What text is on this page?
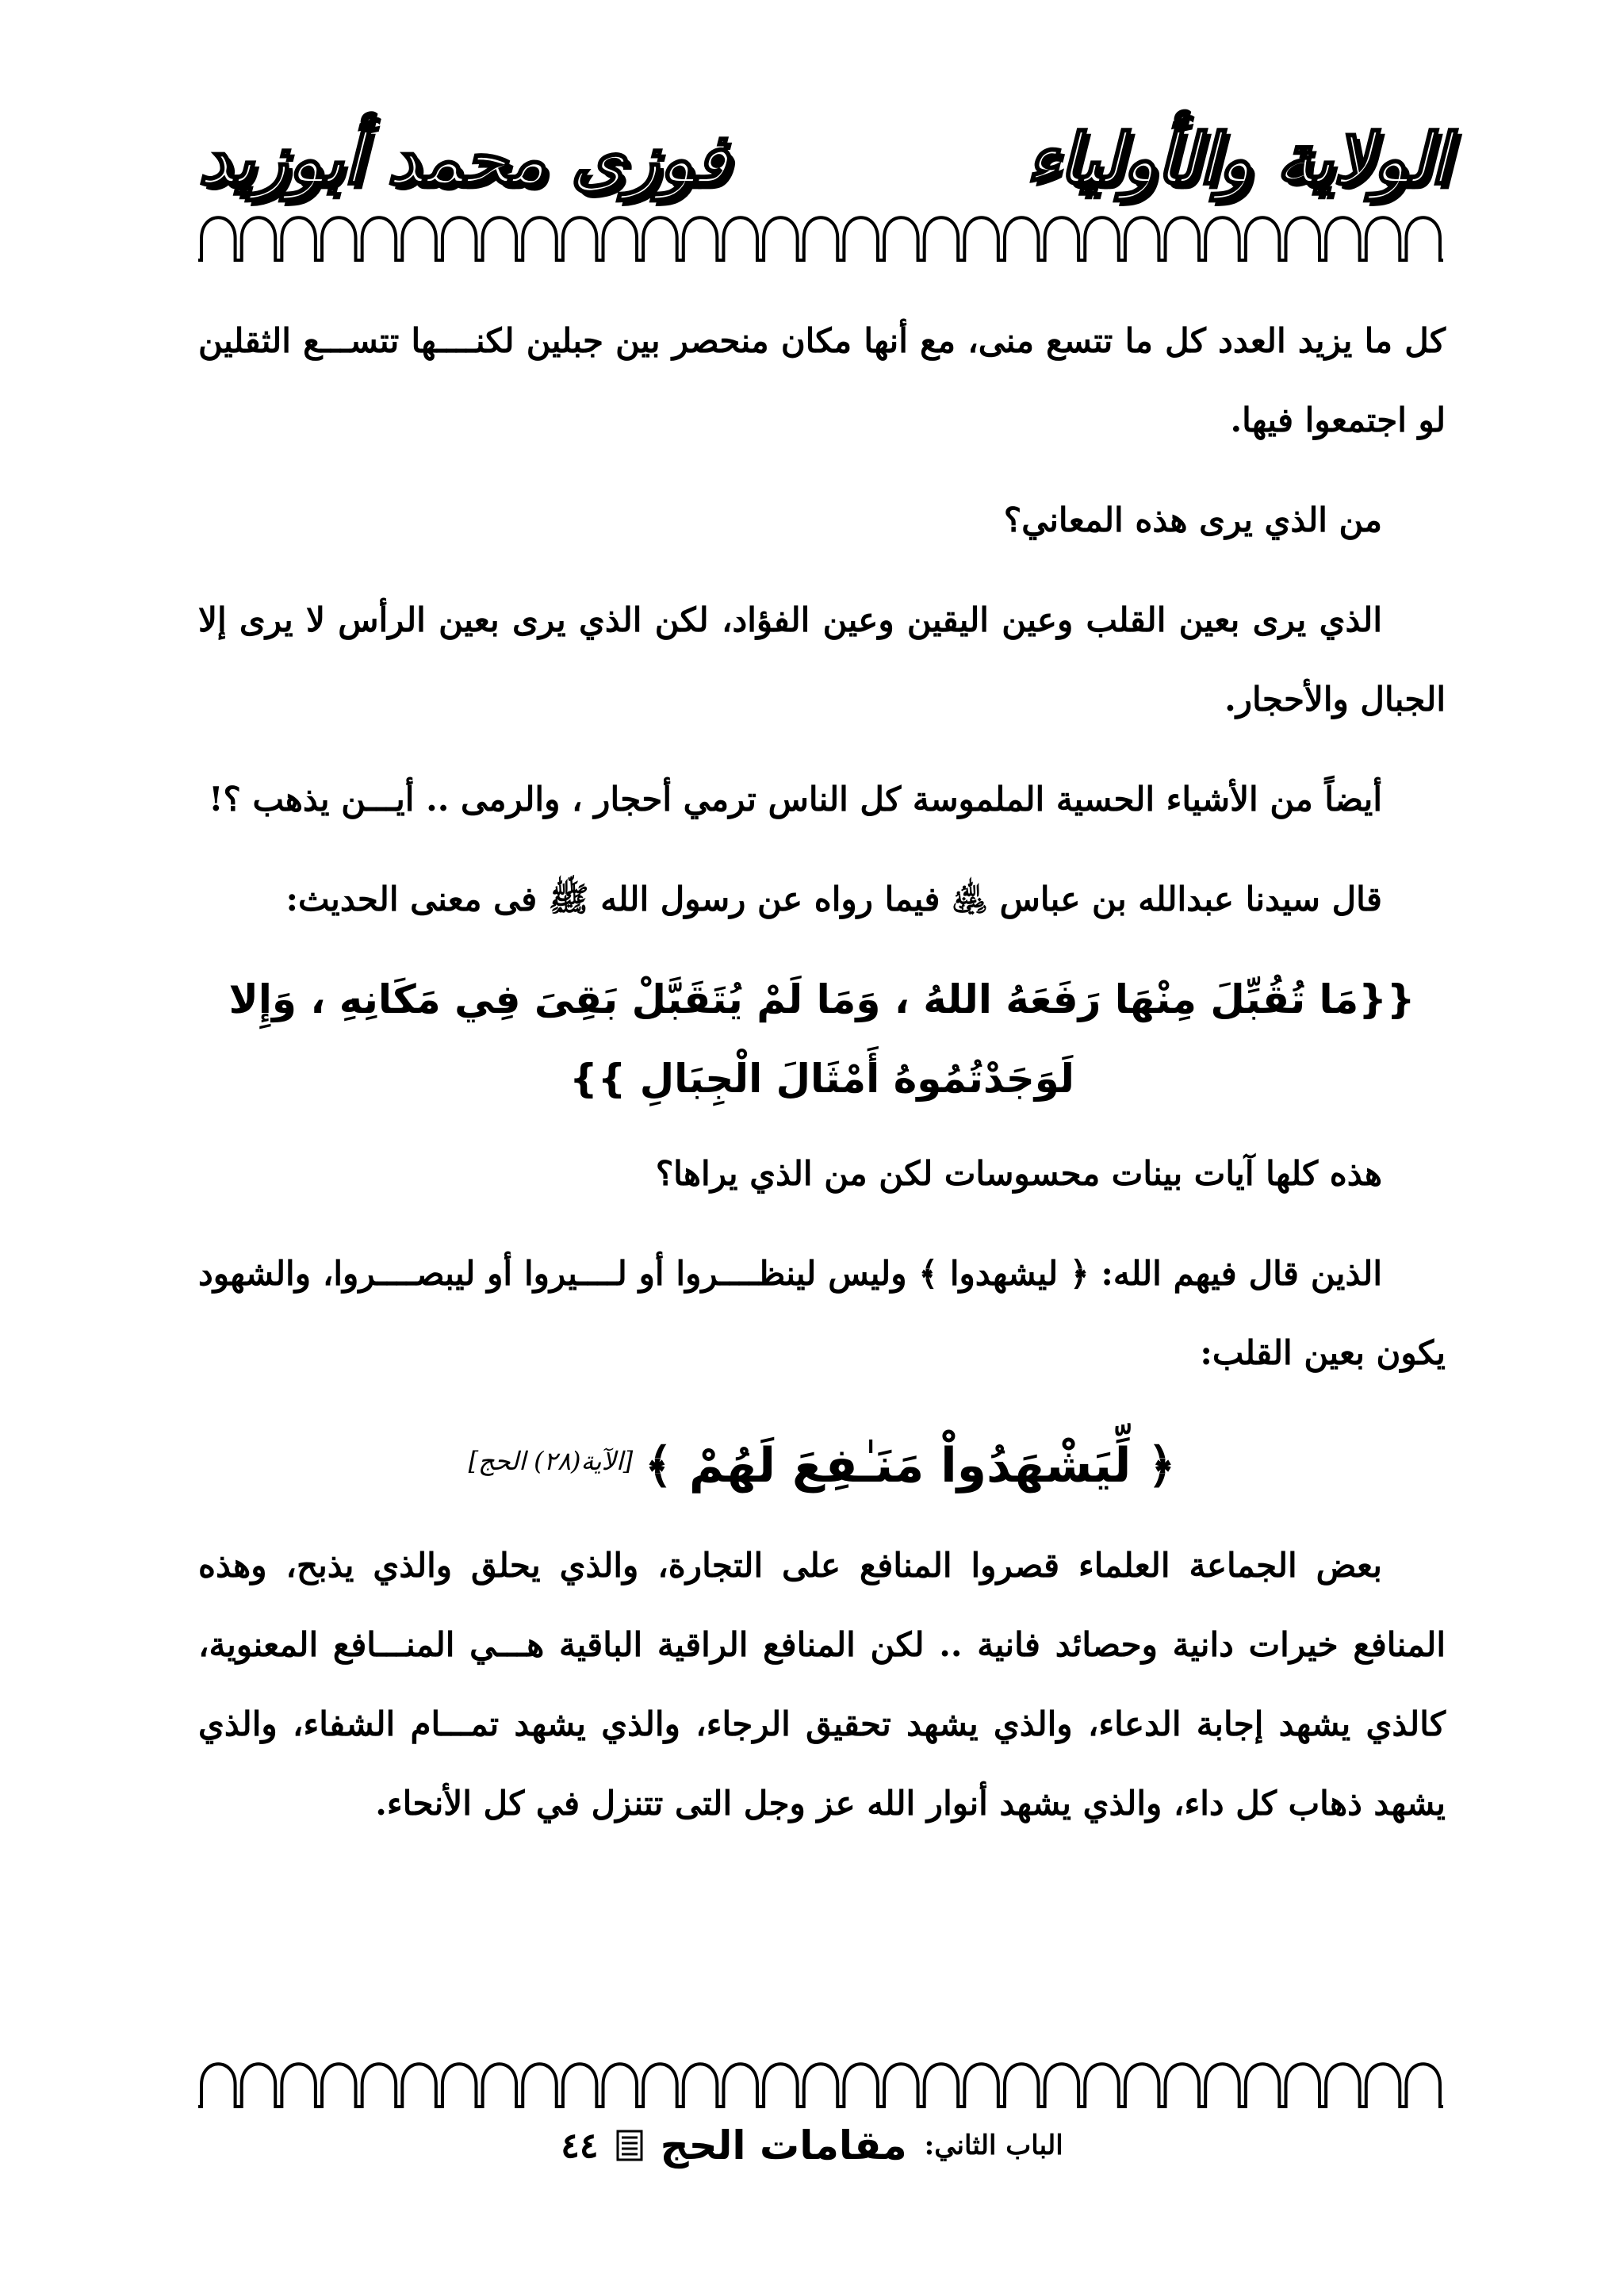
الولاية والأولياء
فوزى محمد أبوزيد

كل ما يزيد العدد كل ما تتسع منى، مع أنها مكان منحصر بين جبلين لكنــــها تتســـع الثقلين لو اجتمعوا فيها.

من الذي يرى هذه المعاني؟

الذي يرى بعين القلب وعين اليقين وعين الفؤاد، لكن الذي يرى بعين الرأس لا يرى إلا الجبال والأحجار.

أيضاً من الأشياء الحسية الملموسة كل الناس ترمي أحجار ، والرمى .. أيـــن يذهب ؟!

قال سيدنا عبدالله بن عباس ﵁ فيما رواه عن رسول الله ﷺ فى معنى الحديث:

{{مَا تُقُبِّلَ مِنْهَا رَفَعَهُ اللهُ ، وَمَا لَمْ يُتَقَبَّلْ بَقِىَ فِي مَكَانِهِ ، وَإِلا لَوَجَدْتُمُوهُ أَمْثَالَ الْجِبَالِ }}

هذه كلها آيات بينات محسوسات لكن من الذي يراها؟

الذين قال فيهم الله: ﴿ ليشهدوا ﴾ وليس لينظــــروا أو لــــيروا أو ليبصــــروا، والشهود يكون بعين القلب:

﴿ لِّيَشْهَدُواْ مَنَـٰفِعَ لَهُمْ ﴾ [الآية(٢٨) الحج]

بعض الجماعة العلماء قصروا المنافع على التجارة، والذي يحلق والذي يذبح، وهذه المنافع خيرات دانية وحصائد فانية .. لكن المنافع الراقية الباقية هـــي المنـــافع المعنوية، كالذي يشهد إجابة الدعاء، والذي يشهد تحقيق الرجاء، والذي يشهد تمـــام الشفاء، والذي يشهد ذهاب كل داء، والذي يشهد أنوار الله عز وجل التى تتنزل في كل الأنحاء.

الباب الثاني:
مقامات الحج
٤٤
